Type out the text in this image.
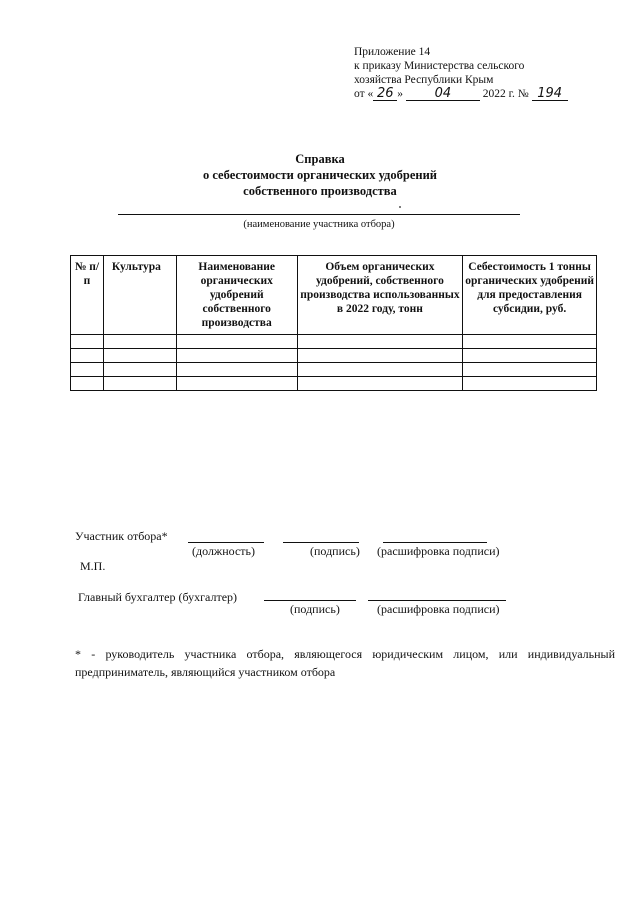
Приложение 14
к приказу Министерства сельского
хозяйства Республики Крым
от « 26 » 04	2022 г. № 194
Справка
о себестоимости органических удобрений
собственного производства
(наименование участника отбора)
№ п/п	Культура	Наименование органических удобрений собственного производства	Объем органических удобрений, собственного производства использованных в 2022 году, тонн	Себестоимость 1 тонны органических удобрений для предоставления субсидии, руб.

Участник отбора*
(должность)	(подпись) (расшифровка подписи)
М.П.
Главный бухгалтер (бухгалтер)
(подпись)	(расшифровка подписи)
* - руководитель участника отбора, являющегося юридическим лицом, или индивидуальный предприниматель, являющийся участником отбора
